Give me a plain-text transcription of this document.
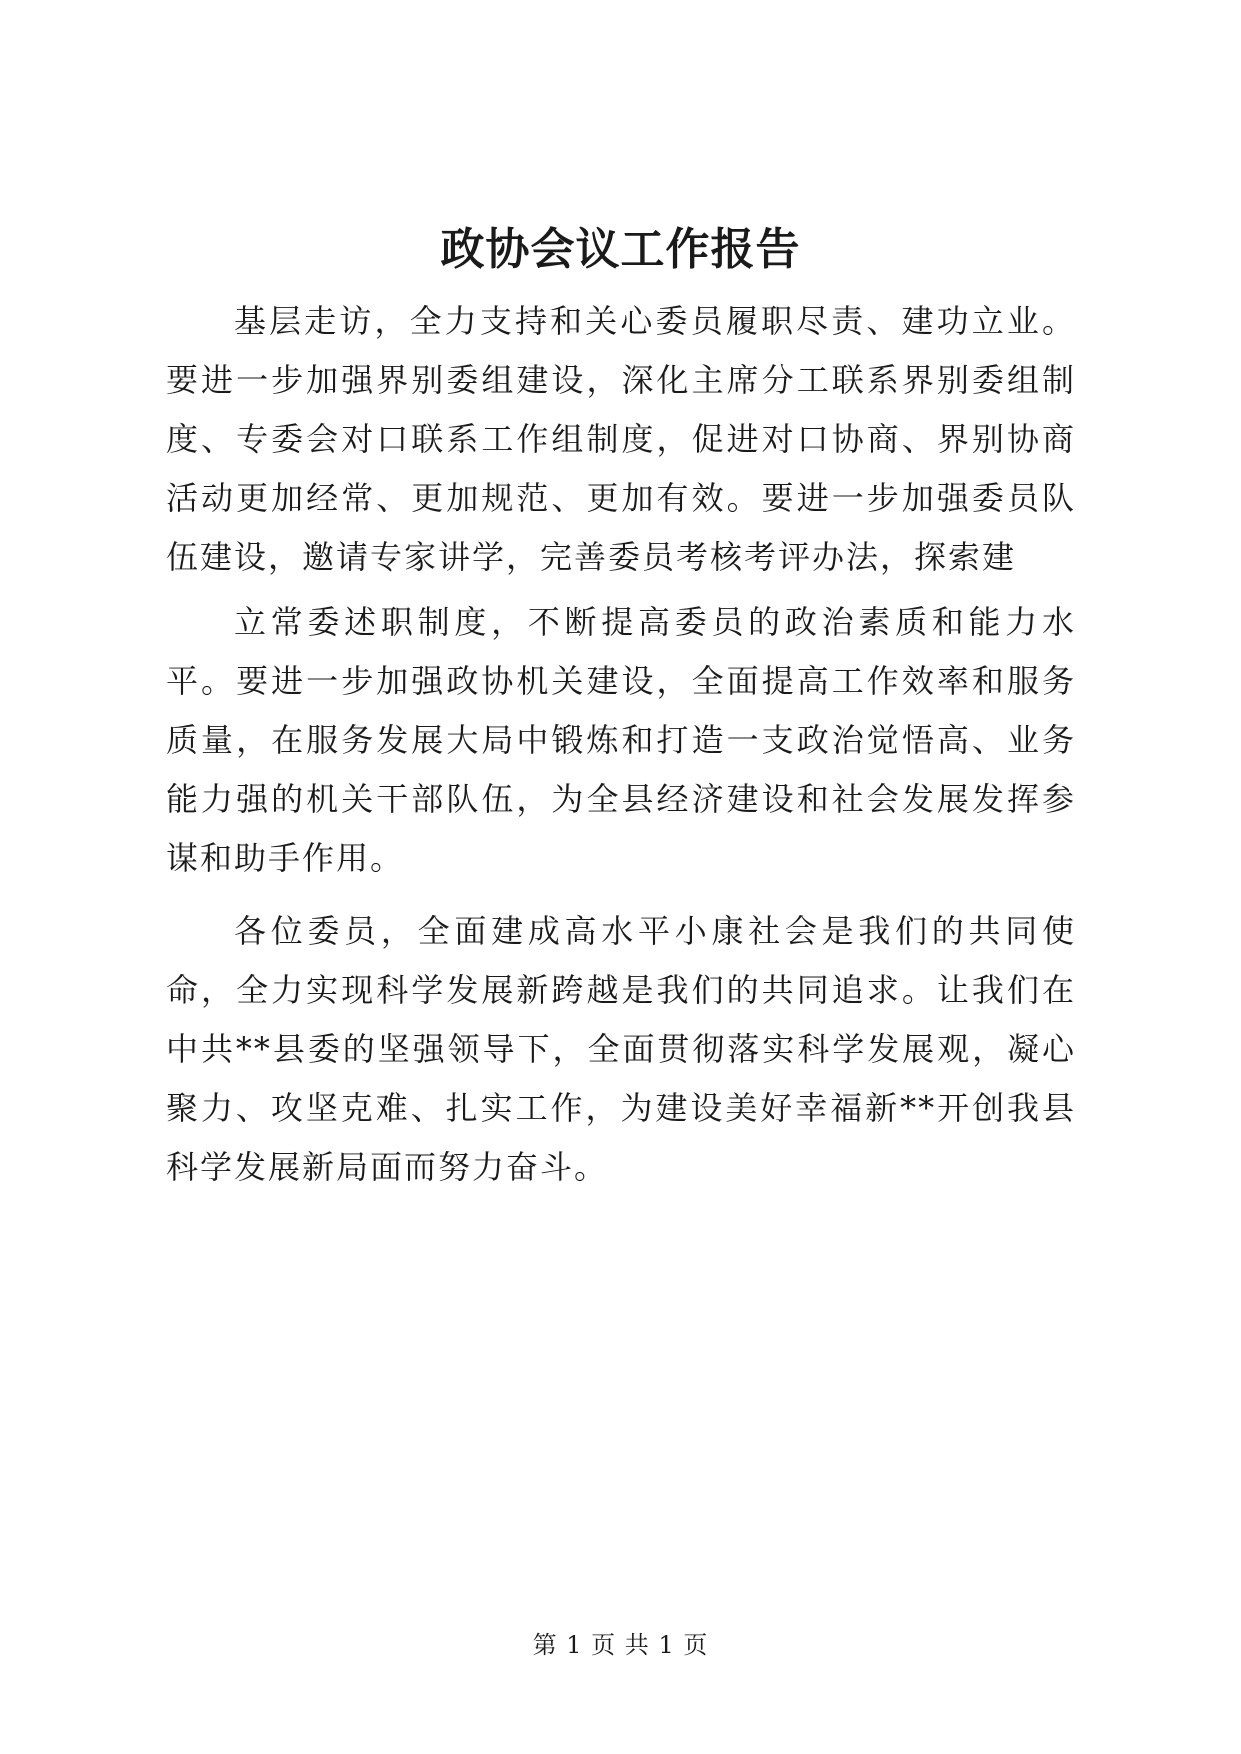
政协会议工作报告

基层走访，全力支持和关心委员履职尽责、建功立业。要进一步加强界别委组建设，深化主席分工联系界别委组制度、专委会对口联系工作组制度，促进对口协商、界别协商活动更加经常、更加规范、更加有效。要进一步加强委员队伍建设，邀请专家讲学，完善委员考核考评办法，探索建

立常委述职制度，不断提高委员的政治素质和能力水平。要进一步加强政协机关建设，全面提高工作效率和服务质量，在服务发展大局中锻炼和打造一支政治觉悟高、业务能力强的机关干部队伍，为全县经济建设和社会发展发挥参谋和助手作用。

各位委员，全面建成高水平小康社会是我们的共同使命，全力实现科学发展新跨越是我们的共同追求。让我们在中共**县委的坚强领导下，全面贯彻落实科学发展观，凝心聚力、攻坚克难、扎实工作，为建设美好幸福新**开创我县科学发展新局面而努力奋斗。

第 1 页 共 1 页
